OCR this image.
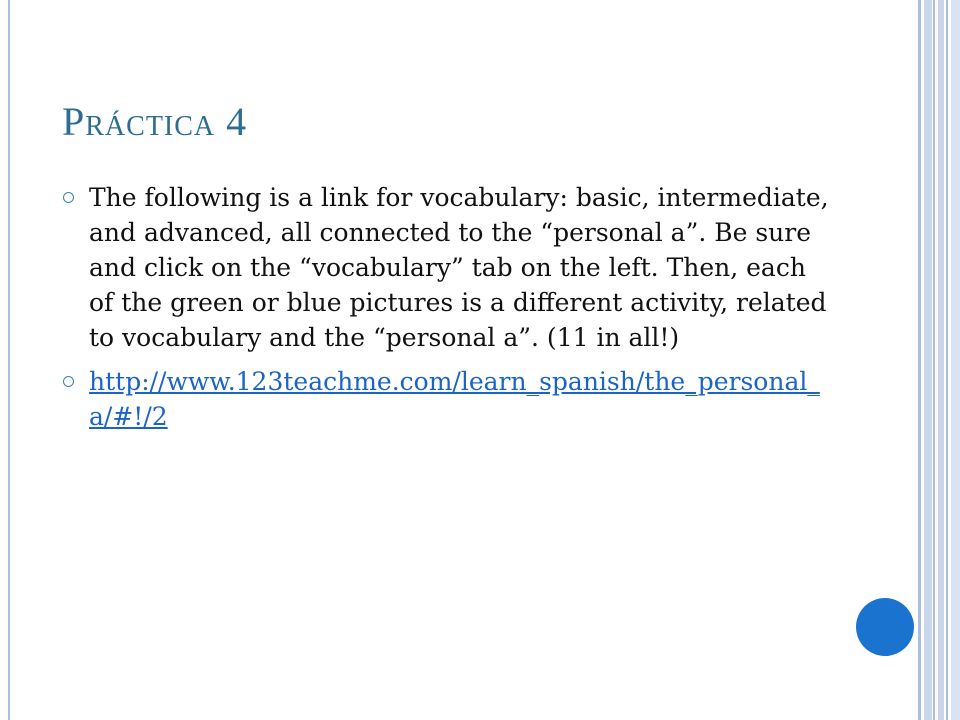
Práctica 4
The following is a link for vocabulary: basic, intermediate, and advanced, all connected to the “personal a”. Be sure and click on the “vocabulary” tab on the left. Then, each of the green or blue pictures is a different activity, related to vocabulary and the “personal a”. (11 in all!)
http://www.123teachme.com/learn_spanish/the_personal_a/#!/2
